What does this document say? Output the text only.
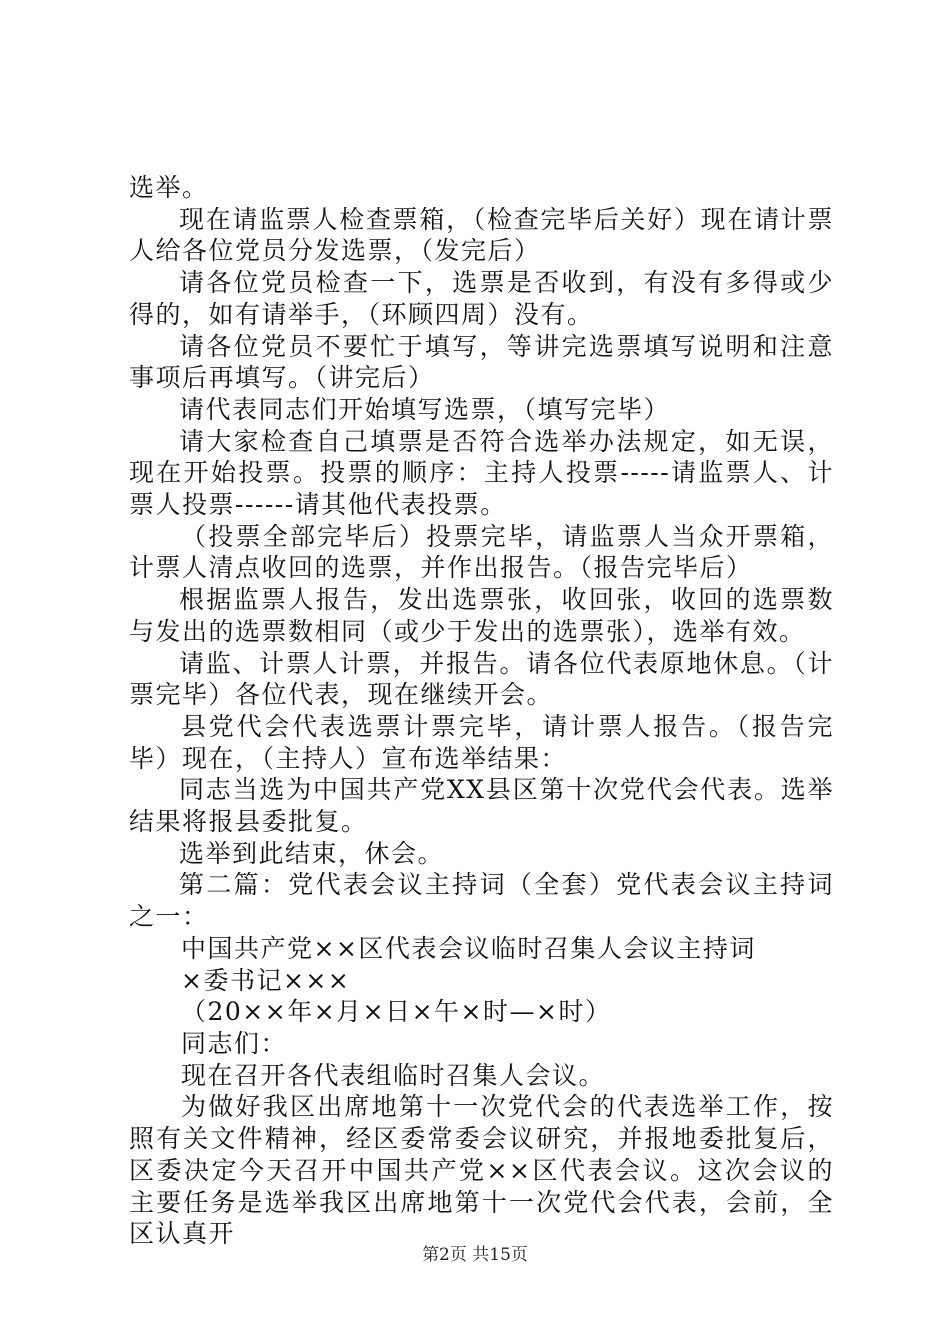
选举。

现在请监票人检查票箱，（检查完毕后关好）现在请计票人给各位党员分发选票，（发完后）

请各位党员检查一下，选票是否收到，有没有多得或少得的，如有请举手，（环顾四周）没有。

请各位党员不要忙于填写，等讲完选票填写说明和注意事项后再填写。（讲完后）

请代表同志们开始填写选票，（填写完毕）

请大家检查自己填票是否符合选举办法规定，如无误，现在开始投票。投票的顺序：主持人投票-----请监票人、计票人投票------请其他代表投票。

（投票全部完毕后）投票完毕，请监票人当众开票箱，计票人清点收回的选票，并作出报告。（报告完毕后）

根据监票人报告，发出选票张，收回张，收回的选票数与发出的选票数相同（或少于发出的选票张），选举有效。

请监、计票人计票，并报告。请各位代表原地休息。（计票完毕）各位代表，现在继续开会。

县党代会代表选票计票完毕，请计票人报告。（报告完毕）现在，（主持人）宣布选举结果：

同志当选为中国共产党XX县区第十次党代会代表。选举结果将报县委批复。

选举到此结束，休会。

第二篇：党代表会议主持词（全套）党代表会议主持词之一：

中国共产党××区代表会议临时召集人会议主持词

×委书记×××

（20××年×月×日×午×时—×时）

同志们：

现在召开各代表组临时召集人会议。

为做好我区出席地第十一次党代会的代表选举工作，按照有关文件精神，经区委常委会议研究，并报地委批复后，区委决定今天召开中国共产党××区代表会议。这次会议的主要任务是选举我区出席地第十一次党代会代表，会前，全区认真开

第2页 共15页
